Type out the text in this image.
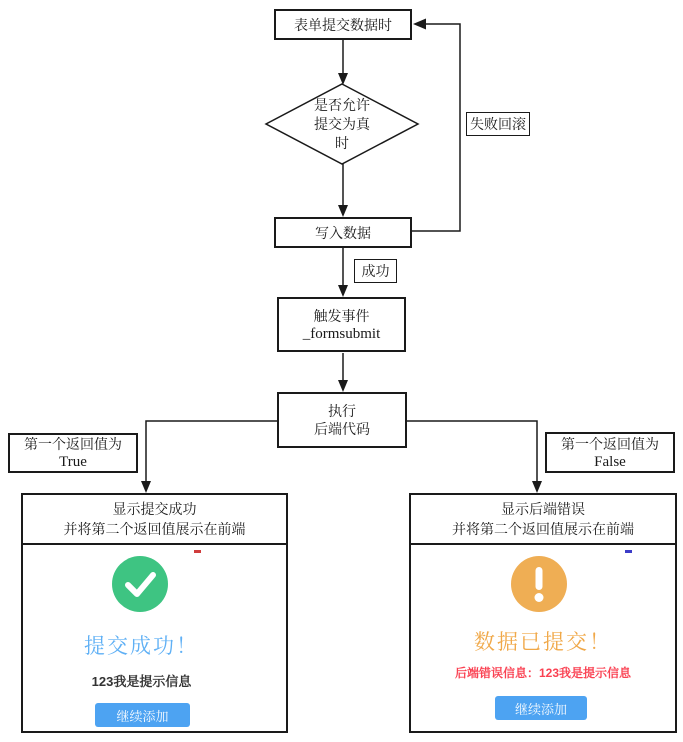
表单提交数据时
是否允许
提交为真
时
失败回滚
写入数据
成功
触发事件
_formsubmit
执行
后端代码
第一个返回值为
True
第一个返回值为
False
显示提交成功
并将第二个返回值展示在前端
提交成功！
123我是提示信息
继续添加
显示后端错误
并将第二个返回值展示在前端
数据已提交！
后端错误信息：123我是提示信息
继续添加
